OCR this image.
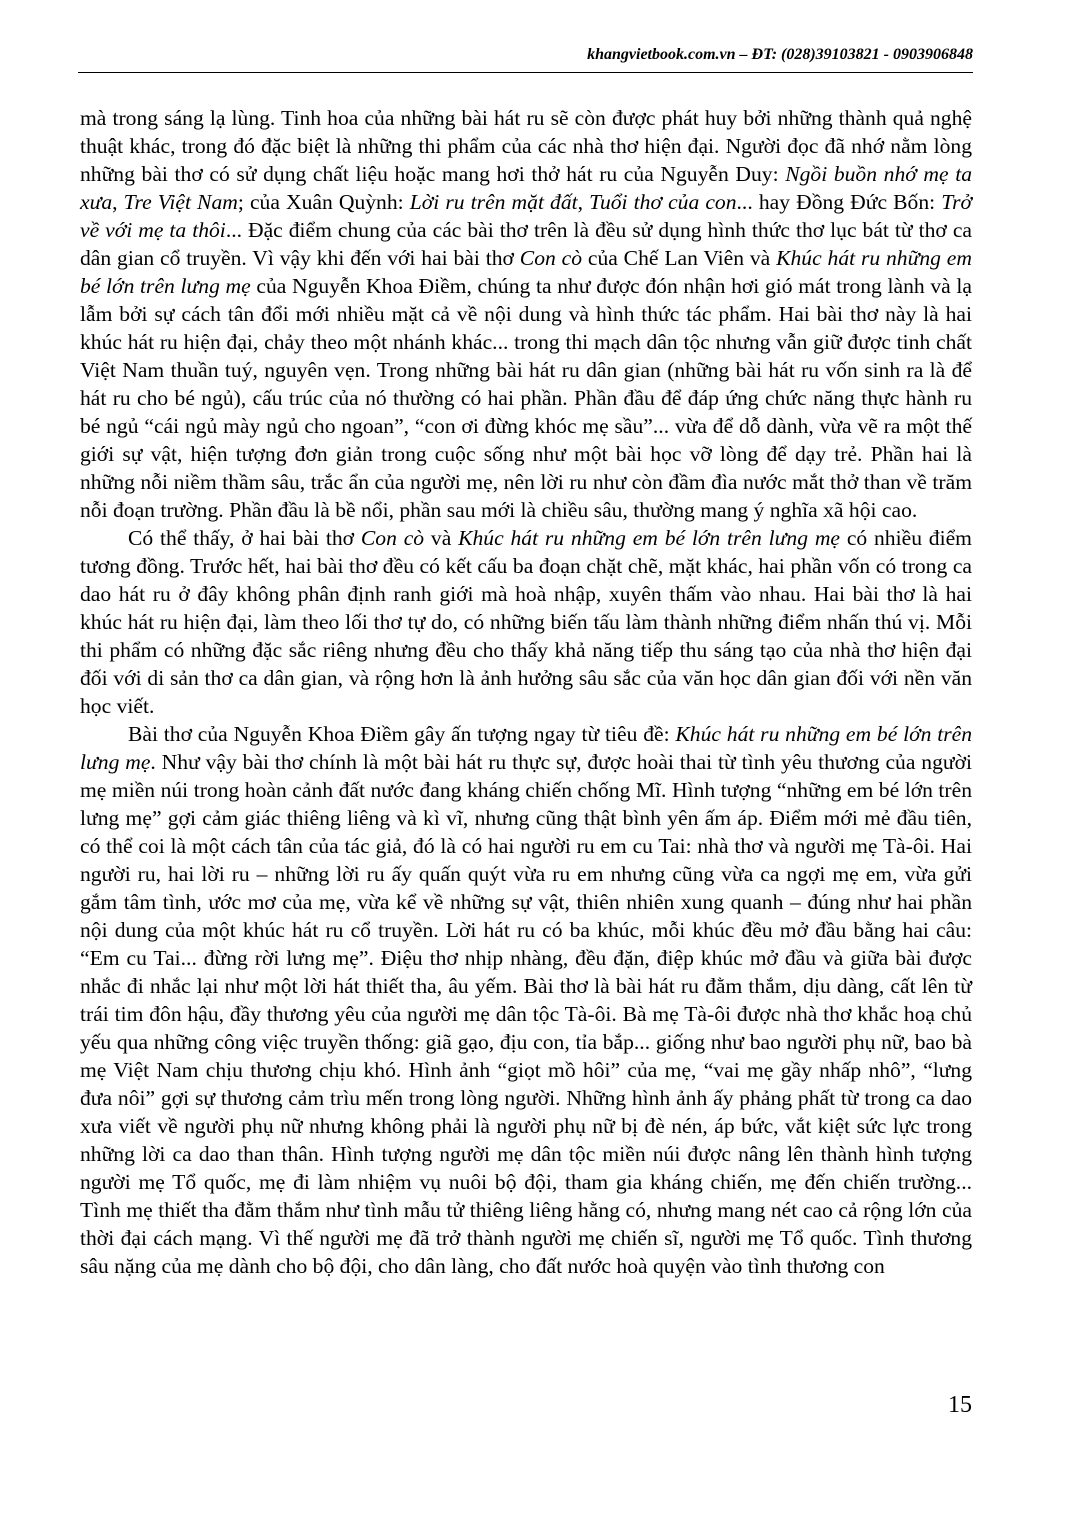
khangvietbook.com.vn – ĐT: (028)39103821 - 0903906848

mà trong sáng lạ lùng. Tinh hoa của những bài hát ru sẽ còn được phát huy bởi những thành quả nghệ thuật khác, trong đó đặc biệt là những thi phẩm của các nhà thơ hiện đại. Người đọc đã nhớ nằm lòng những bài thơ có sử dụng chất liệu hoặc mang hơi thở hát ru của Nguyễn Duy: Ngồi buồn nhớ mẹ ta xưa, Tre Việt Nam; của Xuân Quỳnh: Lời ru trên mặt đất, Tuổi thơ của con... hay Đồng Đức Bốn: Trở về với mẹ ta thôi... Đặc điểm chung của các bài thơ trên là đều sử dụng hình thức thơ lục bát từ thơ ca dân gian cổ truyền. Vì vậy khi đến với hai bài thơ Con cò của Chế Lan Viên và Khúc hát ru những em bé lớn trên lưng mẹ của Nguyễn Khoa Điềm, chúng ta như được đón nhận hơi gió mát trong lành và lạ lẫm bởi sự cách tân đổi mới nhiều mặt cả về nội dung và hình thức tác phẩm. Hai bài thơ này là hai khúc hát ru hiện đại, chảy theo một nhánh khác... trong thi mạch dân tộc nhưng vẫn giữ được tinh chất Việt Nam thuần tuý, nguyên vẹn. Trong những bài hát ru dân gian (những bài hát ru vốn sinh ra là để hát ru cho bé ngủ), cấu trúc của nó thường có hai phần. Phần đầu để đáp ứng chức năng thực hành ru bé ngủ “cái ngủ mày ngủ cho ngoan”, “con ơi đừng khóc mẹ sầu”... vừa để dỗ dành, vừa vẽ ra một thế giới sự vật, hiện tượng đơn giản trong cuộc sống như một bài học vỡ lòng để dạy trẻ. Phần hai là những nỗi niềm thầm sâu, trắc ẩn của người mẹ, nên lời ru như còn đầm đìa nước mắt thở than về trăm nỗi đoạn trường. Phần đầu là bề nổi, phần sau mới là chiều sâu, thường mang ý nghĩa xã hội cao.

Có thể thấy, ở hai bài thơ Con cò và Khúc hát ru những em bé lớn trên lưng mẹ có nhiều điểm tương đồng. Trước hết, hai bài thơ đều có kết cấu ba đoạn chặt chẽ, mặt khác, hai phần vốn có trong ca dao hát ru ở đây không phân định ranh giới mà hoà nhập, xuyên thấm vào nhau. Hai bài thơ là hai khúc hát ru hiện đại, làm theo lối thơ tự do, có những biến tấu làm thành những điểm nhấn thú vị. Mỗi thi phẩm có những đặc sắc riêng nhưng đều cho thấy khả năng tiếp thu sáng tạo của nhà thơ hiện đại đối với di sản thơ ca dân gian, và rộng hơn là ảnh hưởng sâu sắc của văn học dân gian đối với nền văn học viết.

Bài thơ của Nguyễn Khoa Điềm gây ấn tượng ngay từ tiêu đề: Khúc hát ru những em bé lớn trên lưng mẹ. Như vậy bài thơ chính là một bài hát ru thực sự, được hoài thai từ tình yêu thương của người mẹ miền núi trong hoàn cảnh đất nước đang kháng chiến chống Mĩ. Hình tượng “những em bé lớn trên lưng mẹ” gợi cảm giác thiêng liêng và kì vĩ, nhưng cũng thật bình yên ấm áp. Điểm mới mẻ đầu tiên, có thể coi là một cách tân của tác giả, đó là có hai người ru em cu Tai: nhà thơ và người mẹ Tà-ôi. Hai người ru, hai lời ru – những lời ru ấy quấn quýt vừa ru em nhưng cũng vừa ca ngợi mẹ em, vừa gửi gắm tâm tình, ước mơ của mẹ, vừa kể về những sự vật, thiên nhiên xung quanh – đúng như hai phần nội dung của một khúc hát ru cổ truyền. Lời hát ru có ba khúc, mỗi khúc đều mở đầu bằng hai câu: “Em cu Tai... đừng rời lưng mẹ”. Điệu thơ nhịp nhàng, đều đặn, điệp khúc mở đầu và giữa bài được nhắc đi nhắc lại như một lời hát thiết tha, âu yếm. Bài thơ là bài hát ru đằm thắm, dịu dàng, cất lên từ trái tim đôn hậu, đầy thương yêu của người mẹ dân tộc Tà-ôi. Bà mẹ Tà-ôi được nhà thơ khắc hoạ chủ yếu qua những công việc truyền thống: giã gạo, địu con, tỉa bắp... giống như bao người phụ nữ, bao bà mẹ Việt Nam chịu thương chịu khó. Hình ảnh “giọt mồ hôi” của mẹ, “vai mẹ gầy nhấp nhô”, “lưng đưa nôi” gợi sự thương cảm trìu mến trong lòng người. Những hình ảnh ấy phảng phất từ trong ca dao xưa viết về người phụ nữ nhưng không phải là người phụ nữ bị đè nén, áp bức, vắt kiệt sức lực trong những lời ca dao than thân. Hình tượng người mẹ dân tộc miền núi được nâng lên thành hình tượng người mẹ Tổ quốc, mẹ đi làm nhiệm vụ nuôi bộ đội, tham gia kháng chiến, mẹ đến chiến trường... Tình mẹ thiết tha đằm thắm như tình mẫu tử thiêng liêng hằng có, nhưng mang nét cao cả rộng lớn của thời đại cách mạng. Vì thế người mẹ đã trở thành người mẹ chiến sĩ, người mẹ Tổ quốc. Tình thương sâu nặng của mẹ dành cho bộ đội, cho dân làng, cho đất nước hoà quyện vào tình thương con

15
